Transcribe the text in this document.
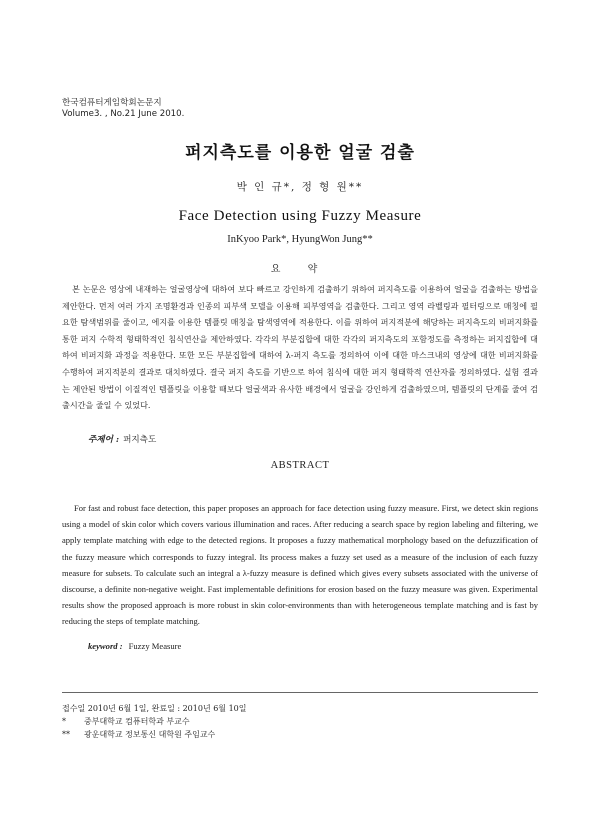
한국컴퓨터게임학회논문지
Volume3. , No.21 June 2010.
퍼지측도를 이용한 얼굴 검출
박 인 규*, 정 형 원**
Face Detection using Fuzzy Measure
InKyoo Park*, HyungWon Jung**
요 약

본 논문은 영상에 내재하는 얼굴영상에 대하여 보다 빠르고 강인하게 검출하기 위하여 퍼지측도를 이용하여 얼굴을 검출하는 방법을 제안한다. 먼저 여러 가지 조명환경과 인종의 피부색 모델을 이용해 피부영역을 검출한다. 그리고 영역 라벨링과 필터링으로 매칭에 필요한 탐색범위를 줄이고, 에지를 이용한 템플릿 매칭을 탐색영역에 적용한다. 이를 위하여 퍼지적분에 해당하는 퍼지측도의 비퍼지화를 통한 퍼지 수학적 형태학적인 침식연산을 제안하였다. 각각의 부분집합에 대한 각각의 퍼지측도의 포함정도를 측정하는 퍼지집합에 대하여 비퍼지화 과정을 적용한다. 또한 모든 부분집합에 대하여 λ-퍼지 측도를 정의하여 이에 대한 마스크내의 영상에 대한 비퍼지화를 수행하여 퍼지적분의 결과로 대치하였다. 결국 퍼지 측도를 기반으로 하여 침식에 대한 퍼지 형태학적 연산자를 정의하였다. 실험 결과는 제안된 방법이 이질적인 템플릿을 이용할 때보다 얼굴색과 유사한 배경에서 얼굴을 강인하게 검출하였으며, 템플릿의 단계를 줄여 검출시간을 줄일 수 있었다.

주제어 : 퍼지측도
ABSTRACT

For fast and robust face detection, this paper proposes an approach for face detection using fuzzy measure. First, we detect skin regions using a model of skin color which covers various illumination and races. After reducing a search space by region labeling and filtering, we apply template matching with edge to the detected regions. It proposes a fuzzy mathematical morphology based on the defuzzification of the fuzzy measure which corresponds to fuzzy integral. Its process makes a fuzzy set used as a measure of the inclusion of each fuzzy measure for subsets. To calculate such an integral a λ-fuzzy measure is defined which gives every subsets associated with the universe of discourse, a definite non-negative weight. Fast implementable definitions for erosion based on the fuzzy measure was given. Experimental results show the proposed approach is more robust in skin color-environments than with heterogeneous template matching and is fast by reducing the steps of template matching.

keyword : Fuzzy Measure
접수일 2010년 6월 1일, 완료일 : 2010년 6월 10일
* 중부대학교 컴퓨터학과 부교수
** 광운대학교 정보통신 대학원 주임교수
